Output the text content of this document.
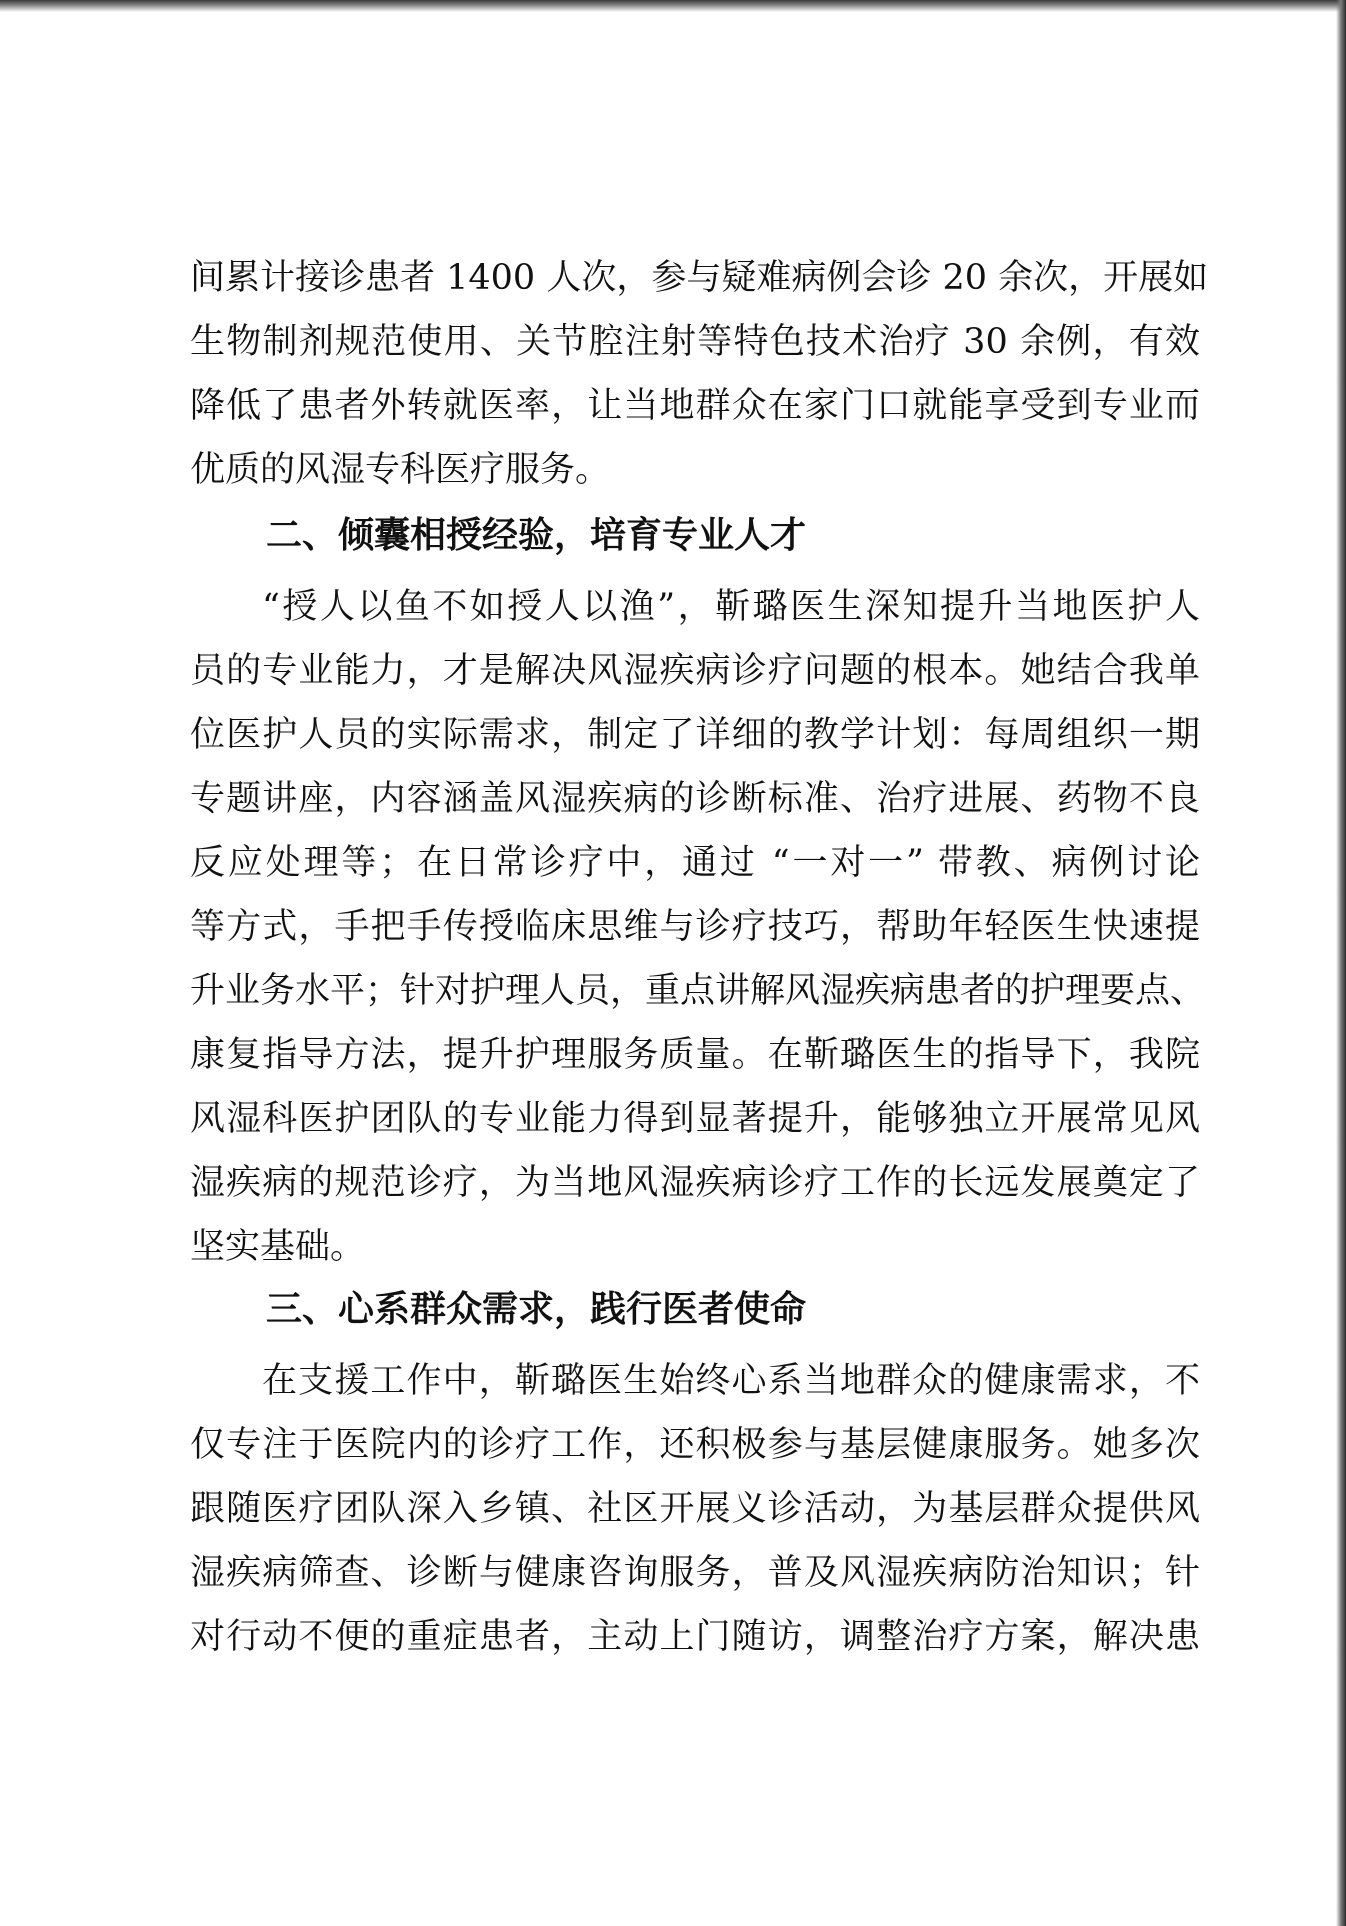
间累计接诊患者 1400 人次，参与疑难病例会诊 20 余次，开展如
生物制剂规范使用、关节腔注射等特色技术治疗 30 余例，有效
降低了患者外转就医率，让当地群众在家门口就能享受到专业而
优质的风湿专科医疗服务。
二、倾囊相授经验，培育专业人才
“授人以鱼不如授人以渔”，靳璐医生深知提升当地医护人
员的专业能力，才是解决风湿疾病诊疗问题的根本。她结合我单
位医护人员的实际需求，制定了详细的教学计划：每周组织一期
专题讲座，内容涵盖风湿疾病的诊断标准、治疗进展、药物不良
反应处理等；在日常诊疗中，通过 “一对一” 带教、病例讨论
等方式，手把手传授临床思维与诊疗技巧，帮助年轻医生快速提
升业务水平；针对护理人员，重点讲解风湿疾病患者的护理要点、
康复指导方法，提升护理服务质量。在靳璐医生的指导下，我院
风湿科医护团队的专业能力得到显著提升，能够独立开展常见风
湿疾病的规范诊疗，为当地风湿疾病诊疗工作的长远发展奠定了
坚实基础。
三、心系群众需求，践行医者使命
在支援工作中，靳璐医生始终心系当地群众的健康需求，不
仅专注于医院内的诊疗工作，还积极参与基层健康服务。她多次
跟随医疗团队深入乡镇、社区开展义诊活动，为基层群众提供风
湿疾病筛查、诊断与健康咨询服务，普及风湿疾病防治知识；针
对行动不便的重症患者，主动上门随访，调整治疗方案，解决患
